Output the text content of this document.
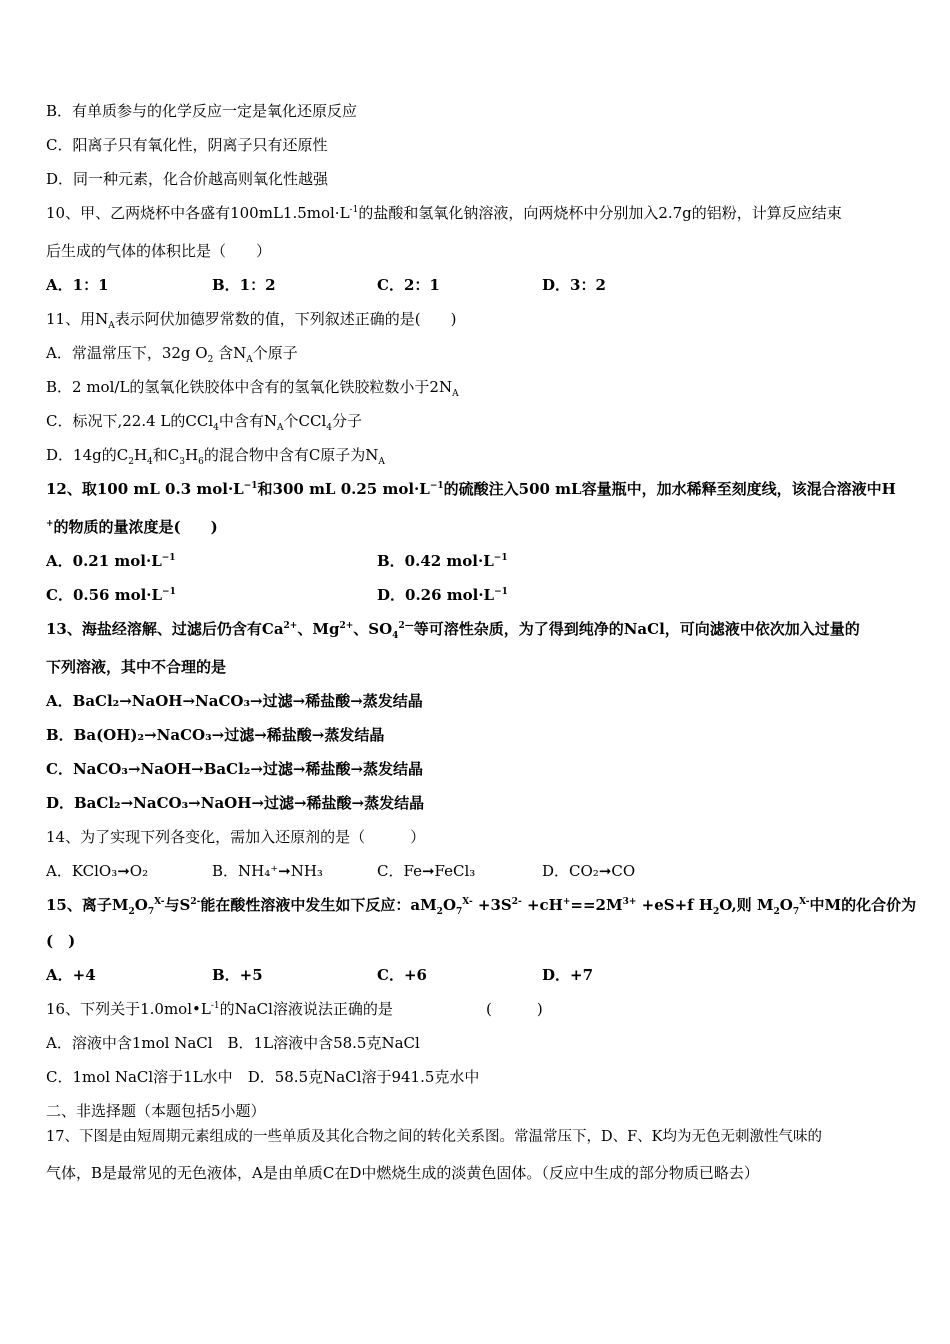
B．有单质参与的化学反应一定是氧化还原反应
C．阳离子只有氧化性，阴离子只有还原性
D．同一种元素，化合价越高则氧化性越强
10、甲、乙两烧杯中各盛有$100mL1.5mol\cdot L^{-1}$的盐酸和氢氧化钠溶液，向两烧杯中分别加入2.7g的铝粉，计算反应结束
后生成的气体的体积比是（　　）
A．1：1	B．1：2	C．2：1	D．3：2
11、用$N_A$表示阿伏加德罗常数的值，下列叙述正确的是(　　)
A．常温常压下，32g $O_2$ 含$N_A$个原子
B．2 mol/L的氢氧化铁胶体中含有的氢氧化铁胶粒数小于$2N_A$
C．标况下,22.4 L的CCl$_4$中含有$N_A$个CCl$_4$分子
D．14g的$C_2H_4$和$C_3H_6$的混合物中含有C原子为$N_A$
12、取100 mL 0.3 $mol\cdot L^{-1}$和300 mL 0.25 $mol\cdot L^{-1}$的硫酸注入500 mL容量瓶中，加水稀释至刻度线，该混合溶液中H
+的物质的量浓度是(　　)
A．0.21 $mol\cdot L^{-1}$	B．0.42 $mol\cdot L^{-1}$
C．0.56 $mol\cdot L^{-1}$	D．0.26 $mol\cdot L^{-1}$
13、海盐经溶解、过滤后仍含有$Ca^{2+}$、$Mg^{2+}$、$SO_4^{2—}$等可溶性杂质，为了得到纯净的NaCl，可向滤液中依次加入过量的
下列溶液，其中不合理的是
A．BaCl₂→NaOH→NaCO₃→过滤→稀盐酸→蒸发结晶
B．Ba(OH)₂→NaCO₃→过滤→稀盐酸→蒸发结晶
C．NaCO₃→NaOH→BaCl₂→过滤→稀盐酸→蒸发结晶
D．BaCl₂→NaCO₃→NaOH→过滤→稀盐酸→蒸发结晶
14、为了实现下列各变化，需加入还原剂的是（　　　）
A．KClO₃➞O₂	B．NH₄⁺➞NH₃	C．Fe➞FeCl₃	D．CO₂➞CO
15、离子$M_2O_7^{X-}$与$S^{2-}$能在酸性溶液中发生如下反应：$aM_2O_7^{X-} +3S^{2-} +cH^+==2M^{3+} +eS+f$ $H_2O$,则 $M_2O_7^{X-}$中M的化合价为
(　)
A．+4	B．+5	C．+6	D．+7
16、下列关于$1.0mol•L^{-1}$的NaCl溶液说法正确的是	(　　　)
A．溶液中含1mol NaCl　B．1L溶液中含58.5克NaCl
C．1mol NaCl溶于1L水中　D．58.5克NaCl溶于941.5克水中
二、非选择题（本题包括5小题）
17、下图是由短周期元素组成的一些单质及其化合物之间的转化关系图。常温常压下，D、F、K均为无色无刺激性气味的
气体，B是最常见的无色液体，A是由单质C在D中燃烧生成的淡黄色固体。（反应中生成的部分物质已略去）
